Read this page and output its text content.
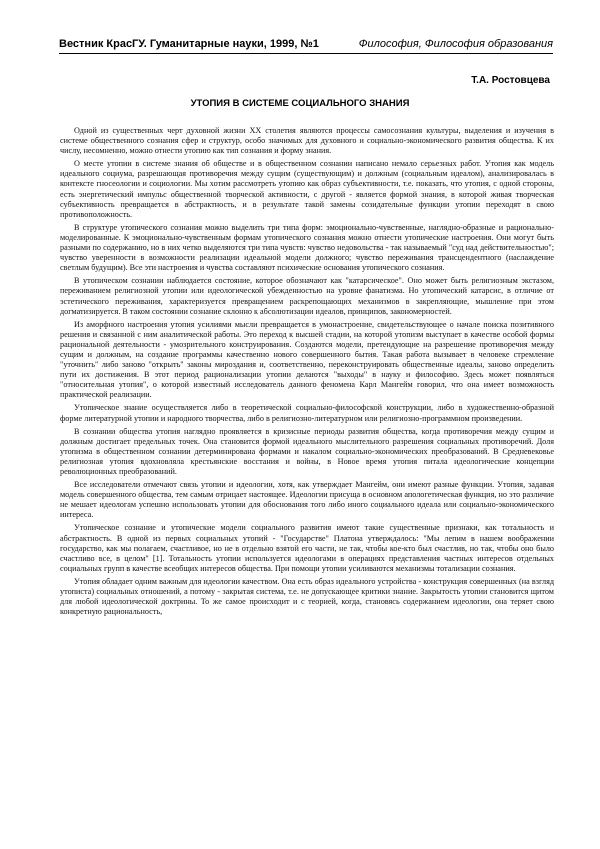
Вестник КрасГУ. Гуманитарные науки, 1999, №1	Философия, Философия образования
Т.А. Ростовцева
УТОПИЯ В СИСТЕМЕ СОЦИАЛЬНОГО ЗНАНИЯ

Одной из существенных черт духовной жизни XX столетия являются процессы самосознания культуры, выделения и изучения в системе общественного сознания сфер и структур, особо значимых для духовного и социально-экономического развития общества. К их числу, несомненно, можно отнести утопию как тип сознания и форму знания.

О месте утопии в системе знания об обществе и в общественном сознании написано немало серьезных работ. Утопия как модель идеального социума, разрешающая противоречия между сущим (существующим) и должным (социальным идеалом), анализировалась в контексте гносеологии и социологии. Мы хотим рассмотреть утопию как образ субъективности, т.е. показать, что утопия, с одной стороны, есть энергетический импульс общественной творческой активности, с другой - является формой знания, в которой живая творческая субъективность превращается в абстрактность, и в результате такой замены созидательные функции утопии переходят в свою противоположность.

В структуре утопического сознания можно выделить три типа форм: эмоционально-чувственные, наглядно-образные и рационально-моделированные. К эмоционально-чувственным формам утопического сознания можно отнести утопические настроения. Они могут быть разными по содержанию, но в них четко выделяются три типа чувств: чувство недовольства - так называемый "суд над действительностью"; чувство уверенности в возможности реализации идеальной модели должного; чувство переживания трансцендентного (наслаждение светлым будущим). Все эти настроения и чувства составляют психические основания утопического сознания.

В утопическом сознании наблюдается состояние, которое обозначают как "катарсическое". Оно может быть религиозным экстазом, переживанием религиозной утопии или идеологической убежденностью на уровне фанатизма. Но утопический катарсис, в отличие от эстетического переживания, характеризуется превращением раскрепощающих механизмов в закрепляющие, мышление при этом догматизируется. В таком состоянии сознание склонно к абсолютизации идеалов, принципов, закономерностей.

Из аморфного настроения утопия усилиями мысли превращается в умонастроение, свидетельствующее о начале поиска позитивного решения и связанной с ним аналитической работы. Это переход к высшей стадии, на которой утопизм выступает в качестве особой формы рациональной деятельности - умозрительного конструирования. Создаются модели, претендующие на разрешение противоречия между сущим и должным, на создание программы качественно нового совершенного бытия. Такая работа вызывает в человеке стремление "уточнить" либо заново "открыть" законы мироздания и, соответственно, переконструировать общественные идеалы, заново определить пути их достижения. В этот период рационализации утопии делаются "выходы" в науку и философию. Здесь может появляться "относительная утопия", о которой известный исследователь данного феномена Карл Мангейм говорил, что она имеет возможность практической реализации.

Утопическое знание осуществляется либо в теоретической социально-философской конструкции, либо в художественно-образной форме литературной утопии и народного творчества, либо в религиозно-литературном или религиозно-программном произведении.

В сознании общества утопия наглядно проявляется в кризисные периоды развития общества, когда противоречия между сущим и должным достигает предельных точек. Она становится формой идеального мыслительного разрешения социальных противоречий. Доля утопизма в общественном сознании детерминирована формами и накалом социально-экономических преобразований. В Средневековье религиозная утопия вдохновляла крестьянские восстания и войны, в Новое время утопия питала идеологические концепции революционных преобразований.

Все исследователи отмечают связь утопии и идеологии, хотя, как утверждает Мангейм, они имеют разные функции. Утопия, задавая модель совершенного общества, тем самым отрицает настоящее. Идеологии присуща в основном апологетическая функция, но это различие не мешает идеологам успешно использовать утопии для обоснования того либо иного социального идеала или социально-экономического интереса.

Утопическое сознание и утопические модели социального развития имеют такие существенные признаки, как тотальность и абстрактность. В одной из первых социальных утопий - "Государстве" Платона утверждалось: "Мы лепим в нашем воображении государство, как мы полагаем, счастливое, но не в отдельно взятой его части, не так, чтобы кое-кто был счастлив, но так, чтобы оно было счастливо все, в целом" [1]. Тотальность утопии используется идеологами в операциях представления частных интересов отдельных социальных групп в качестве всеобщих интересов общества. При помощи утопии усиливаются механизмы тотализации сознания.

Утопия обладает одним важным для идеологии качеством. Она есть образ идеального устройства - конструкция совершенных (на взгляд утописта) социальных отношений, а потому - закрытая система, т.е. не допускающее критики знание. Закрытость утопии становится щитом для любой идеологической доктрины. То же самое происходит и с теорией, когда, становясь содержанием идеологии, она теряет свою конкретную рациональность,
